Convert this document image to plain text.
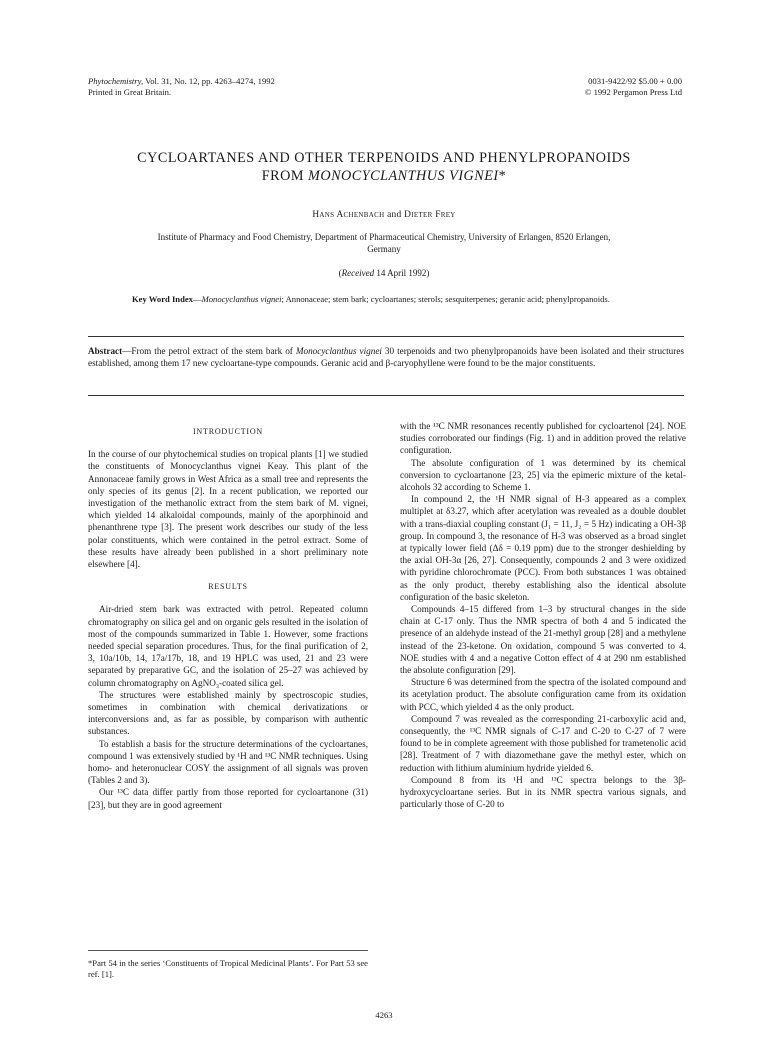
Phytochemistry, Vol. 31, No. 12, pp. 4263–4274, 1992
Printed in Great Britain.
0031-9422/92 $5.00 + 0.00
© 1992 Pergamon Press Ltd
CYCLOARTANES AND OTHER TERPENOIDS AND PHENYLPROPANOIDS
FROM MONOCYCLANTHUS VIGNEI*
Hans Achenbach and Dieter Frey
Institute of Pharmacy and Food Chemistry, Department of Pharmaceutical Chemistry, University of Erlangen, 8520 Erlangen,
Germany
(Received 14 April 1992)
Key Word Index—Monocyclanthus vignei; Annonaceae; stem bark; cycloartanes; sterols; sesquiterpenes; geranic acid; phenylpropanoids.
Abstract—From the petrol extract of the stem bark of Monocyclanthus vignei 30 terpenoids and two phenylpropanoids have been isolated and their structures established, among them 17 new cycloartane-type compounds. Geranic acid and β-caryophyllene were found to be the major constituents.
INTRODUCTION

In the course of our phytochemical studies on tropical plants [1] we studied the constituents of Monocyclanthus vignei Keay. This plant of the Annonaceae family grows in West Africa as a small tree and represents the only species of its genus [2]. In a recent publication, we reported our investigation of the methanolic extract from the stem bark of M. vignei, which yielded 14 alkaloidal compounds, mainly of the aporphinoid and phenanthrene type [3]. The present work describes our study of the less polar constituents, which were contained in the petrol extract. Some of these results have already been published in a short preliminary note elsewhere [4].

RESULTS

Air-dried stem bark was extracted with petrol. Repeated column chromatography on silica gel and on organic gels resulted in the isolation of most of the compounds summarized in Table 1. However, some fractions needed special separation procedures. Thus, for the final purification of 2, 3, 10a/10b, 14, 17a/17b, 18, and 19 HPLC was used, 21 and 23 were separated by preparative GC, and the isolation of 25–27 was achieved by column chromatography on AgNO₃-coated silica gel.

The structures were established mainly by spectroscopic studies, sometimes in combination with chemical derivatizations or interconversions and, as far as possible, by comparison with authentic substances.

To establish a basis for the structure determinations of the cycloartanes, compound 1 was extensively studied by ¹H and ¹³C NMR techniques. Using homo- and heteronuclear COSY the assignment of all signals was proven (Tables 2 and 3).

Our ¹³C data differ partly from those reported for cycloartanone (31) [23], but they are in good agreement

with the ¹³C NMR resonances recently published for cycloartenol [24]. NOE studies corroborated our findings (Fig. 1) and in addition proved the relative configuration.

The absolute configuration of 1 was determined by its chemical conversion to cycloartanone [23, 25] via the epimeric mixture of the ketal-alcohols 32 according to Scheme 1.

In compound 2, the ¹H NMR signal of H-3 appeared as a complex multiplet at δ3.27, which after acetylation was revealed as a double doublet with a trans-diaxial coupling constant (J₁ = 11, J₂ = 5 Hz) indicating a OH-3β group. In compound 3, the resonance of H-3 was observed as a broad singlet at typically lower field (Δδ = 0.19 ppm) due to the stronger deshielding by the axial OH-3α [26, 27]. Consequently, compounds 2 and 3 were oxidized with pyridine chlorochromate (PCC). From both substances 1 was obtained as the only product, thereby establishing also the identical absolute configuration of the basic skeleton.

Compounds 4–15 differed from 1–3 by structural changes in the side chain at C-17 only. Thus the NMR spectra of both 4 and 5 indicated the presence of an aldehyde instead of the 21-methyl group [28] and a methylene instead of the 23-ketone. On oxidation, compound 5 was converted to 4. NOE studies with 4 and a negative Cotton effect of 4 at 290 nm established the absolute configuration [29].

Structure 6 was determined from the spectra of the isolated compound and its acetylation product. The absolute configuration came from its oxidation with PCC, which yielded 4 as the only product.

Compound 7 was revealed as the corresponding 21-carboxylic acid and, consequently, the ¹³C NMR signals of C-17 and C-20 to C-27 of 7 were found to be in complete agreement with those published for trametenolic acid [28]. Treatment of 7 with diazomethane gave the methyl ester, which on reduction with lithium aluminium hydride yielded 6.

Compound 8 from its ¹H and ¹³C spectra belongs to the 3β-hydroxycycloartane series. But in its NMR spectra various signals, and particularly those of C-20 to

*Part 54 in the series ‘Constituents of Tropical Medicinal Plants’. For Part 53 see ref. [1].
4263
